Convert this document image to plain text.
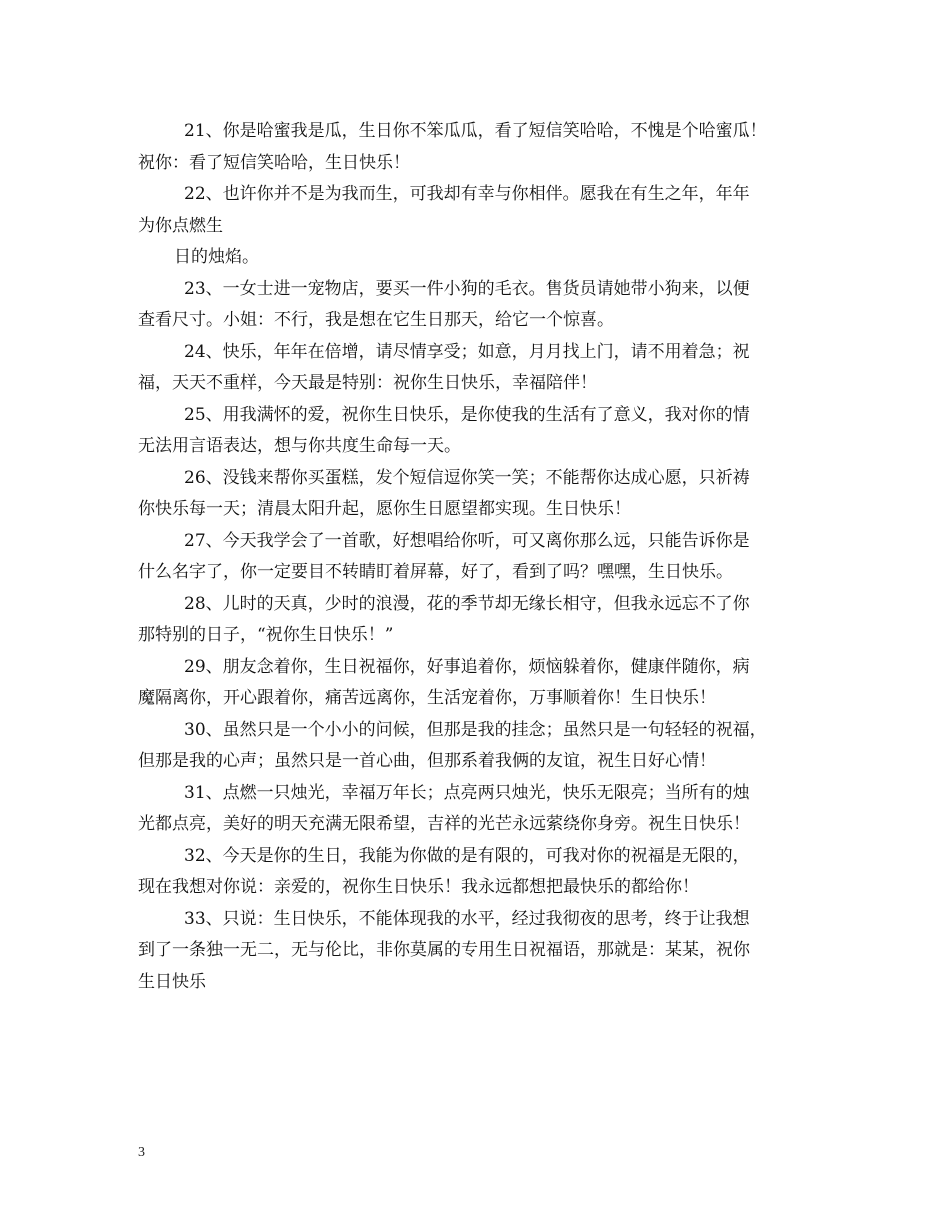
21、你是哈蜜我是瓜，生日你不笨瓜瓜，看了短信笑哈哈，不愧是个哈蜜瓜！
祝你：看了短信笑哈哈，生日快乐！
22、也许你并不是为我而生，可我却有幸与你相伴。愿我在有生之年，年年
为你点燃生
日的烛焰。
23、一女士进一宠物店，要买一件小狗的毛衣。售货员请她带小狗来，以便
查看尺寸。小姐：不行，我是想在它生日那天，给它一个惊喜。
24、快乐，年年在倍增，请尽情享受；如意，月月找上门，请不用着急；祝
福，天天不重样，今天最是特别：祝你生日快乐，幸福陪伴！
25、用我满怀的爱，祝你生日快乐，是你使我的生活有了意义，我对你的情
无法用言语表达，想与你共度生命每一天。
26、没钱来帮你买蛋糕，发个短信逗你笑一笑；不能帮你达成心愿，只祈祷
你快乐每一天；清晨太阳升起，愿你生日愿望都实现。生日快乐！
27、今天我学会了一首歌，好想唱给你听，可又离你那么远，只能告诉你是
什么名字了，你一定要目不转睛盯着屏幕，好了，看到了吗？嘿嘿，生日快乐。
28、儿时的天真，少时的浪漫，花的季节却无缘长相守，但我永远忘不了你
那特别的日子，“祝你生日快乐！”
29、朋友念着你，生日祝福你，好事追着你，烦恼躲着你，健康伴随你，病
魔隔离你，开心跟着你，痛苦远离你，生活宠着你，万事顺着你！生日快乐！
30、虽然只是一个小小的问候，但那是我的挂念；虽然只是一句轻轻的祝福，
但那是我的心声；虽然只是一首心曲，但那系着我俩的友谊，祝生日好心情！
31、点燃一只烛光，幸福万年长；点亮两只烛光，快乐无限亮；当所有的烛
光都点亮，美好的明天充满无限希望，吉祥的光芒永远萦绕你身旁。祝生日快乐！
32、今天是你的生日，我能为你做的是有限的，可我对你的祝福是无限的，
现在我想对你说：亲爱的，祝你生日快乐！我永远都想把最快乐的都给你！
33、只说：生日快乐，不能体现我的水平，经过我彻夜的思考，终于让我想
到了一条独一无二，无与伦比，非你莫属的专用生日祝福语，那就是：某某，祝你
生日快乐
3
